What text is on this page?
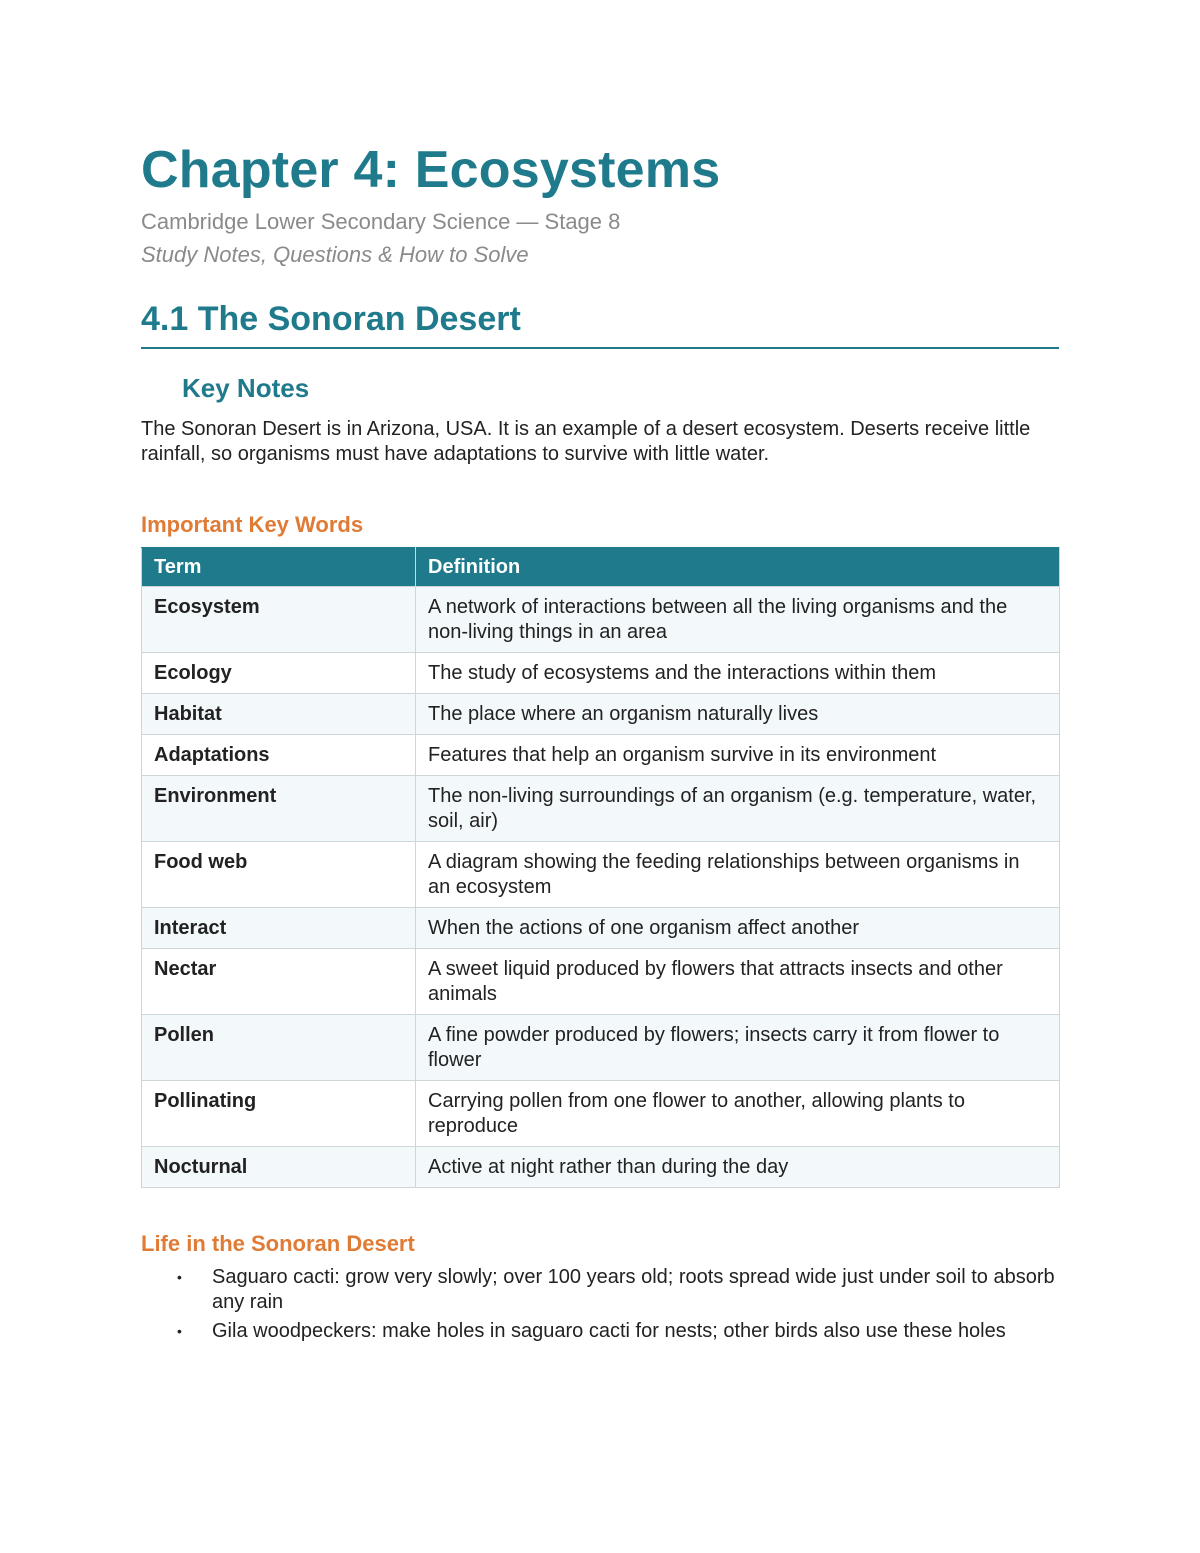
Chapter 4: Ecosystems
Cambridge Lower Secondary Science — Stage 8
Study Notes, Questions & How to Solve
4.1 The Sonoran Desert
Key Notes

The Sonoran Desert is in Arizona, USA. It is an example of a desert ecosystem. Deserts receive little rainfall, so organisms must have adaptations to survive with little water.

Important Key Words
Term	Definition
Ecosystem	A network of interactions between all the living organisms and the non-living things in an area
Ecology	The study of ecosystems and the interactions within them
Habitat	The place where an organism naturally lives
Adaptations	Features that help an organism survive in its environment
Environment	The non-living surroundings of an organism (e.g. temperature, water, soil, air)
Food web	A diagram showing the feeding relationships between organisms in an ecosystem
Interact	When the actions of one organism affect another
Nectar	A sweet liquid produced by flowers that attracts insects and other animals
Pollen	A fine powder produced by flowers; insects carry it from flower to flower
Pollinating	Carrying pollen from one flower to another, allowing plants to reproduce
Nocturnal	Active at night rather than during the day
Life in the Sonoran Desert
• Saguaro cacti: grow very slowly; over 100 years old; roots spread wide just under soil to absorb any rain
• Gila woodpeckers: make holes in saguaro cacti for nests; other birds also use these holes
